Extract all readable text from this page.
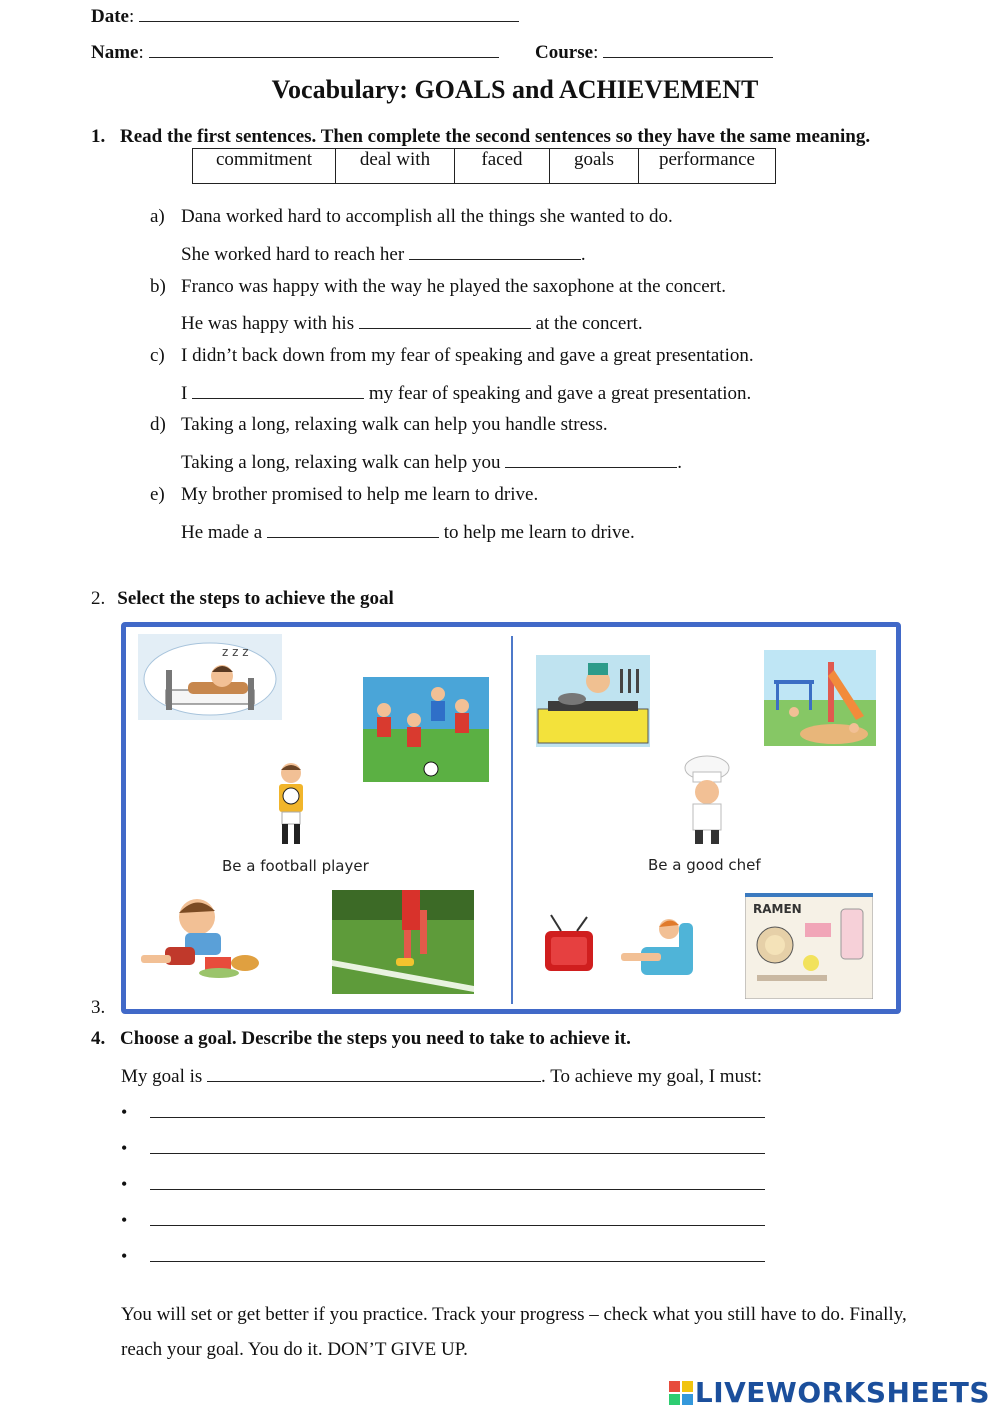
Date:
Name:	Course:
Vocabulary: GOALS and ACHIEVEMENT
1. Read the first sentences. Then complete the second sentences so they have the same meaning.
commitment	deal with	faced	goals	performance
a) Dana worked hard to accomplish all the things she wanted to do.
She worked hard to reach her	.
b) Franco was happy with the way he played the saxophone at the concert.
He was happy with his	at the concert.
c) I didn’t back down from my fear of speaking and gave a great presentation.
I	my fear of speaking and gave a great presentation.
d) Taking a long, relaxing walk can help you handle stress.
Taking a long, relaxing walk can help you	.
e) My brother promised to help me learn to drive.
He made a	to help me learn to drive.
2. Select the steps to achieve the goal
z z z
Be a football player	Be a good chef
RAMEN
3.
4. Choose a goal. Describe the steps you need to take to achieve it.
My goal is	. To achieve my goal, I must:
•
•
•
•
•
You will set or get better if you practice. Track your progress – check what you still have to do. Finally,
reach your goal. You do it. DON’T GIVE UP.
LIVEWORKSHEETS
